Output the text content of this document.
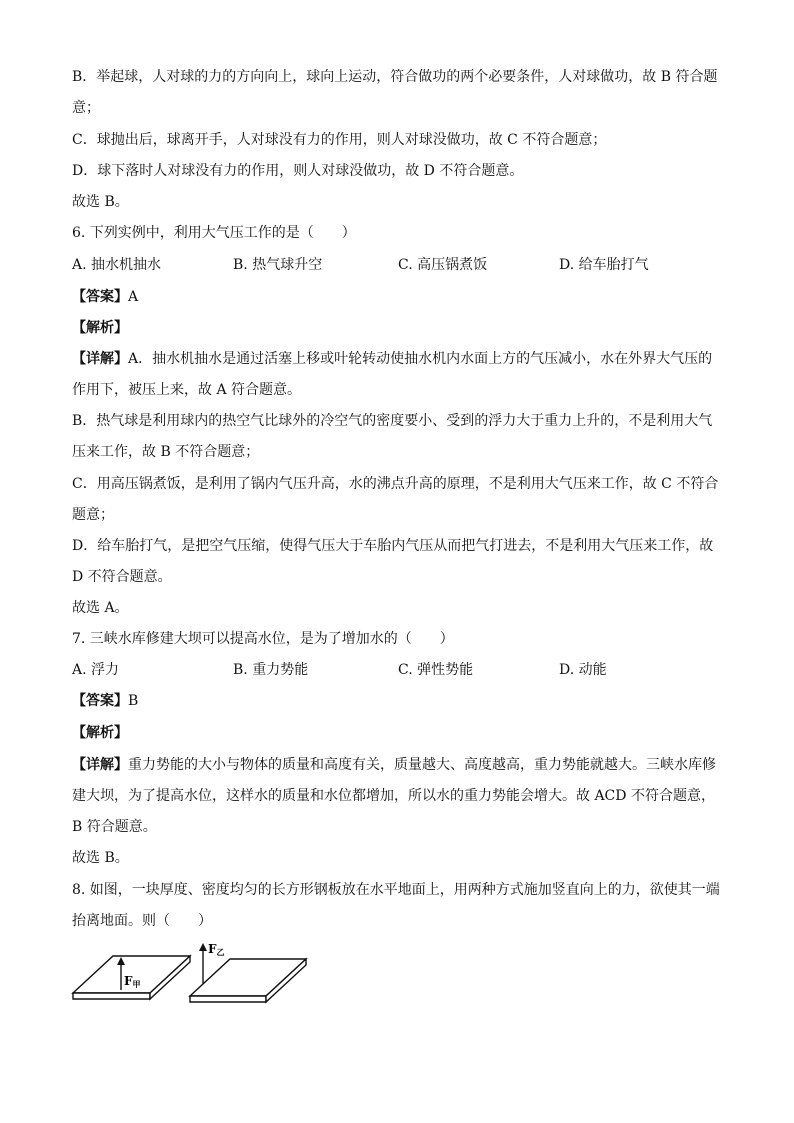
B．举起球，人对球的力的方向向上，球向上运动，符合做功的两个必要条件，人对球做功，故 B 符合题
意；
C．球抛出后，球离开手，人对球没有力的作用，则人对球没做功，故 C 不符合题意；
D．球下落时人对球没有力的作用，则人对球没做功，故 D 不符合题意。
故选 B。
6. 下列实例中，利用大气压工作的是（　　）
A. 抽水机抽水	B. 热气球升空	C. 高压锅煮饭	D. 给车胎打气
【答案】A
【解析】
【详解】A．抽水机抽水是通过活塞上移或叶轮转动使抽水机内水面上方的气压减小，水在外界大气压的
作用下，被压上来，故 A 符合题意。
B．热气球是利用球内的热空气比球外的冷空气的密度要小、受到的浮力大于重力上升的，不是利用大气
压来工作，故 B 不符合题意；
C．用高压锅煮饭，是利用了锅内气压升高，水的沸点升高的原理，不是利用大气压来工作，故 C 不符合
题意；
D．给车胎打气，是把空气压缩，使得气压大于车胎内气压从而把气打进去，不是利用大气压来工作，故
D 不符合题意。
故选 A。
7. 三峡水库修建大坝可以提高水位，是为了增加水的（　　）
A. 浮力	B. 重力势能	C. 弹性势能	D. 动能
【答案】B
【解析】
【详解】重力势能的大小与物体的质量和高度有关，质量越大、高度越高，重力势能就越大。三峡水库修
建大坝，为了提高水位，这样水的质量和水位都增加，所以水的重力势能会增大。故 ACD 不符合题意，
B 符合题意。
故选 B。
8. 如图，一块厚度、密度均匀的长方形钢板放在水平地面上，用两种方式施加竖直向上的力，欲使其一端
抬离地面。则（　　）
F甲
F乙
